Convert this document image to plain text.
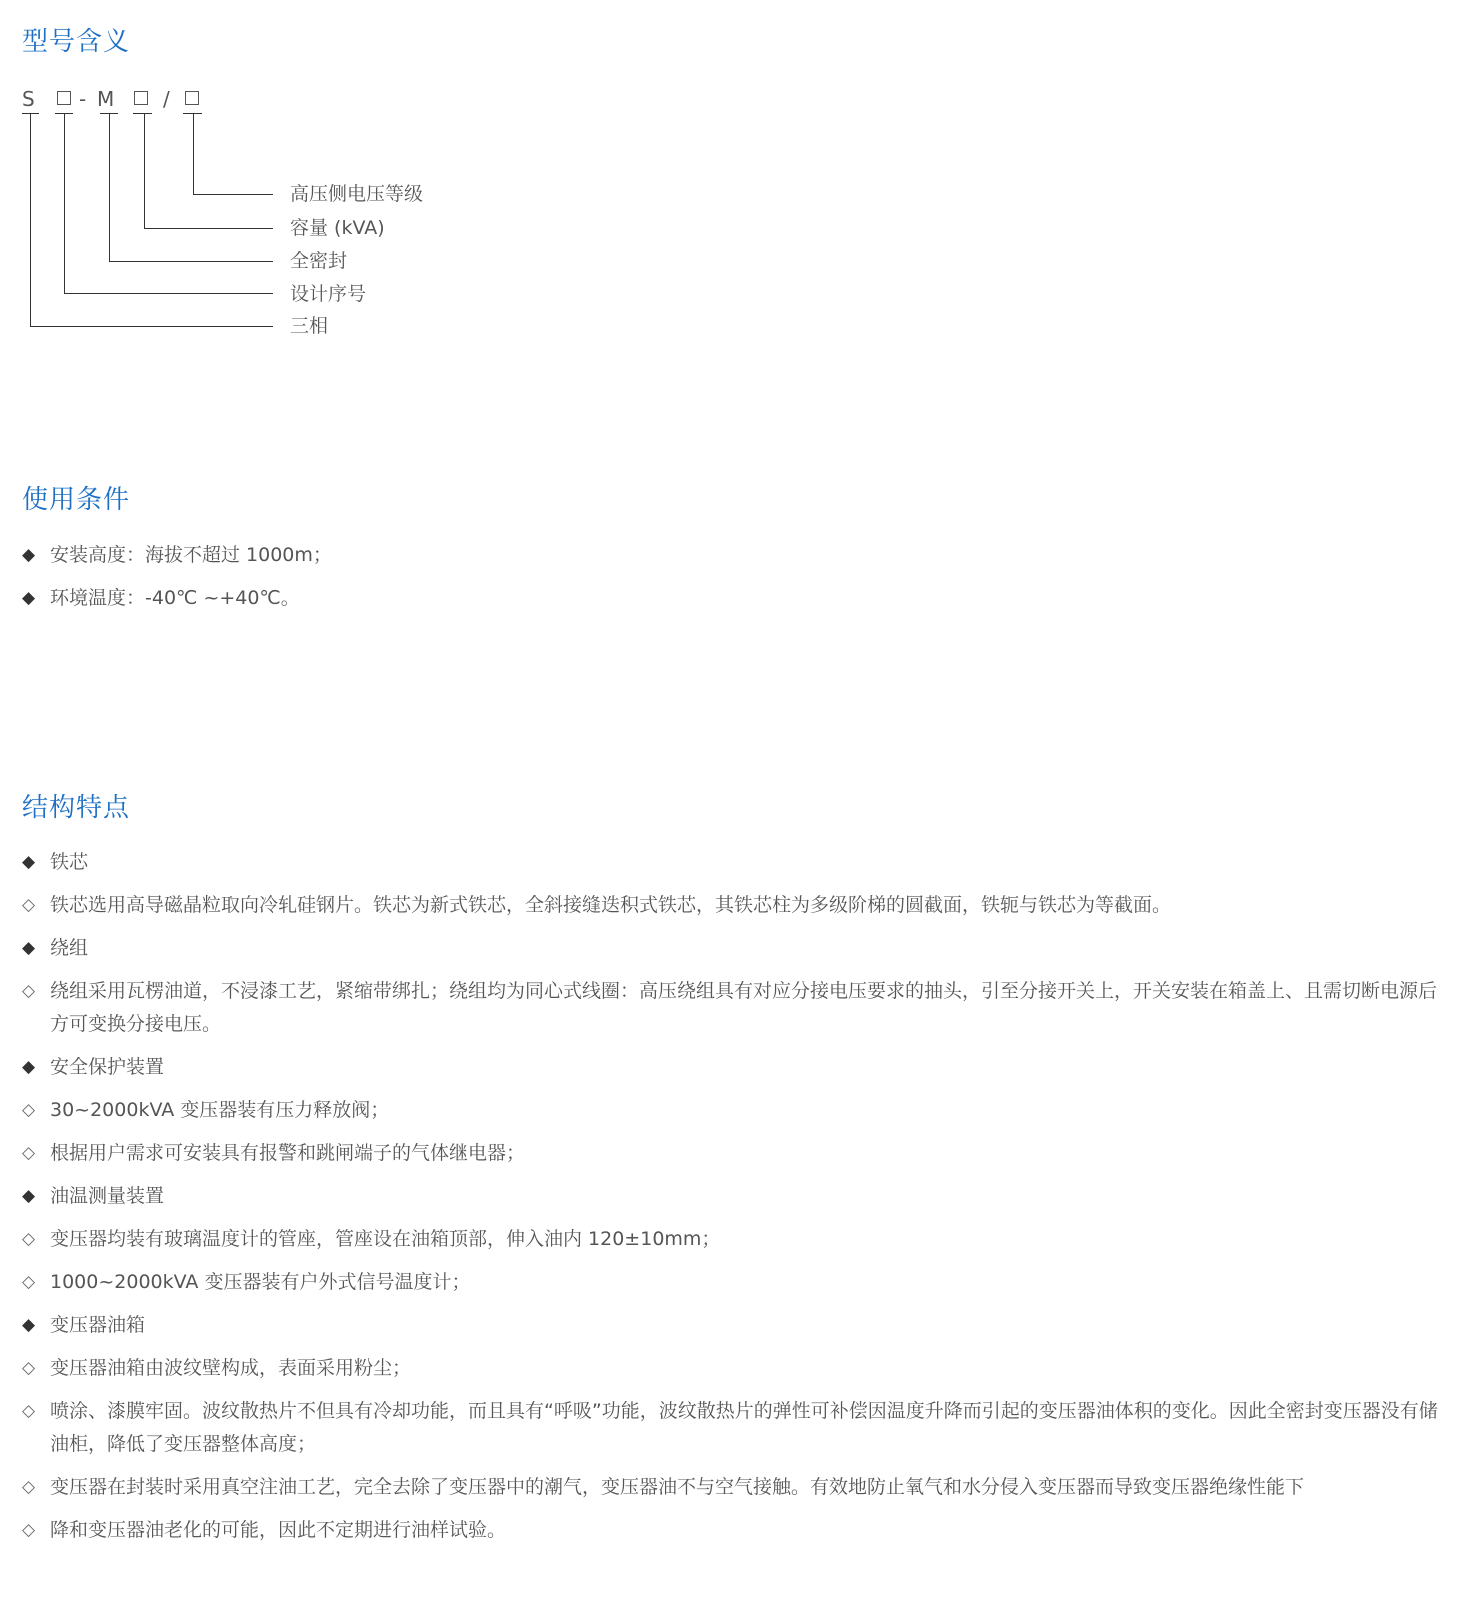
型号含义
S - M /
高压侧电压等级
容量 (kVA)
全密封
设计序号
三相
使用条件
◆ 安装高度：海拔不超过 1000m；
◆ 环境温度：-40℃ ~+40℃。
结构特点
◆ 铁芯
◇ 铁芯选用高导磁晶粒取向冷轧硅钢片。铁芯为新式铁芯，全斜接缝迭积式铁芯，其铁芯柱为多级阶梯的圆截面，铁轭与铁芯为等截面。
◆ 绕组
◇ 绕组采用瓦楞油道，不浸漆工艺，紧缩带绑扎；绕组均为同心式线圈：高压绕组具有对应分接电压要求的抽头，引至分接开关上，开关安装在箱盖上、且需切断电源后方可变换分接电压。
◆ 安全保护装置
◇ 30~2000kVA 变压器装有压力释放阀；
◇ 根据用户需求可安装具有报警和跳闸端子的气体继电器；
◆ 油温测量装置
◇ 变压器均装有玻璃温度计的管座，管座设在油箱顶部，伸入油内 120±10mm；
◇ 1000~2000kVA 变压器装有户外式信号温度计；
◆ 变压器油箱
◇ 变压器油箱由波纹壁构成，表面采用粉尘；
◇ 喷涂、漆膜牢固。波纹散热片不但具有冷却功能，而且具有“呼吸”功能，波纹散热片的弹性可补偿因温度升降而引起的变压器油体积的变化。因此全密封变压器没有储油柜，降低了变压器整体高度；
◇ 变压器在封装时采用真空注油工艺，完全去除了变压器中的潮气，变压器油不与空气接触。有效地防止氧气和水分侵入变压器而导致变压器绝缘性能下
◇ 降和变压器油老化的可能，因此不定期进行油样试验。
